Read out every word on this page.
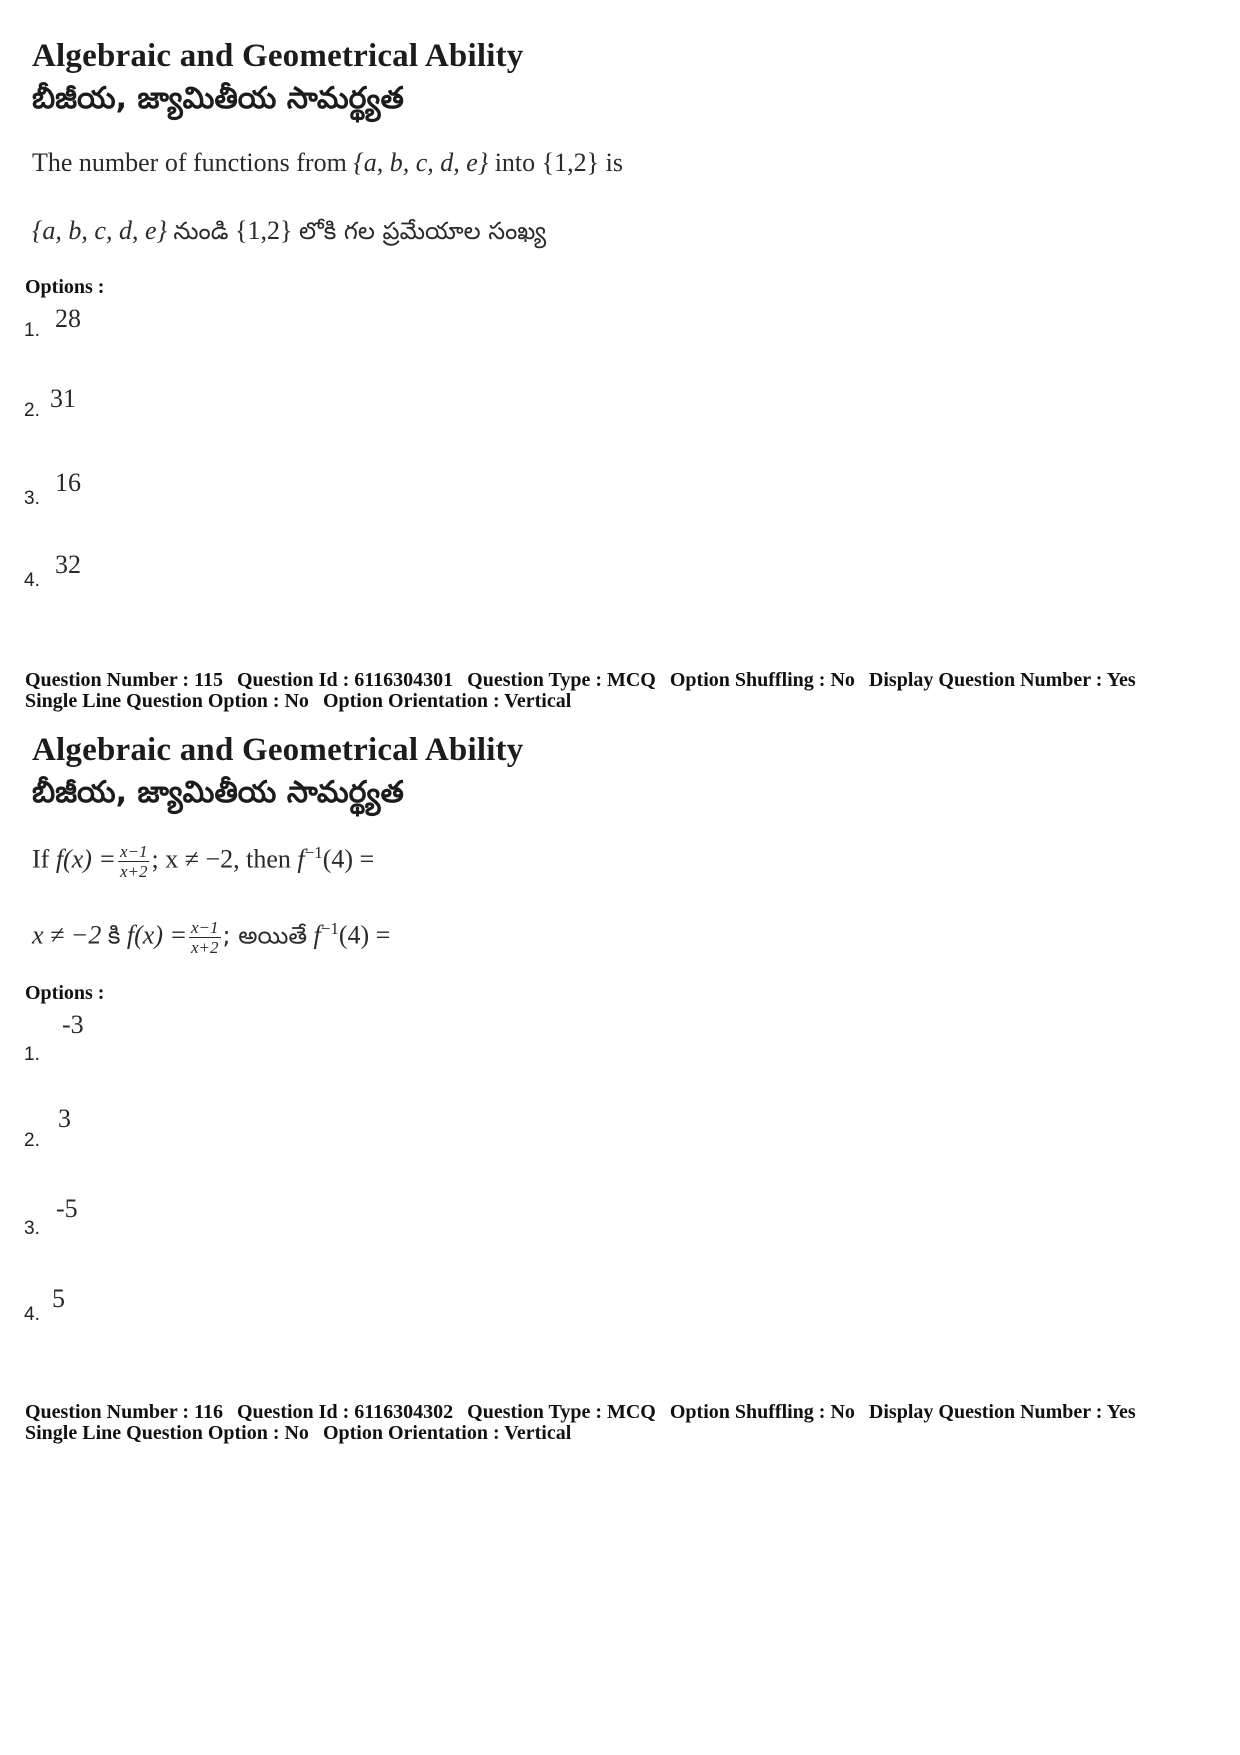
Algebraic and Geometrical Ability
బీజీయ, జ్యామితీయ సామర్థ్యత
The number of functions from {a, b, c, d, e} into {1,2} is
{a, b, c, d, e} నుండి {1,2} లోకి గల ప్రమేయాల సంఖ్య
Options :
1. 28
2. 31
3.
16
4.
32
Question Number : 115 Question Id : 6116304301 Question Type : MCQ Option Shuffling : No Display Question Number : Yes
Single Line Question Option : No Option Orientation : Vertical
Algebraic and Geometrical Ability
బీజీయ, జ్యామితీయ సామర్థ్యత
If $f(x) = \frac{x-1}{x+2}$ ; x ≠ −2, then $f^{-1}(4)$ =
x ≠ −2 కి $f(x) = \frac{x-1}{x+2}$ ; అయితే $f^{-1}(4)$ =
Options :
1.
-3
2.
3
3.
-5
4.
5
Question Number : 116 Question Id : 6116304302 Question Type : MCQ Option Shuffling : No Display Question Number : Yes
Single Line Question Option : No Option Orientation : Vertical
